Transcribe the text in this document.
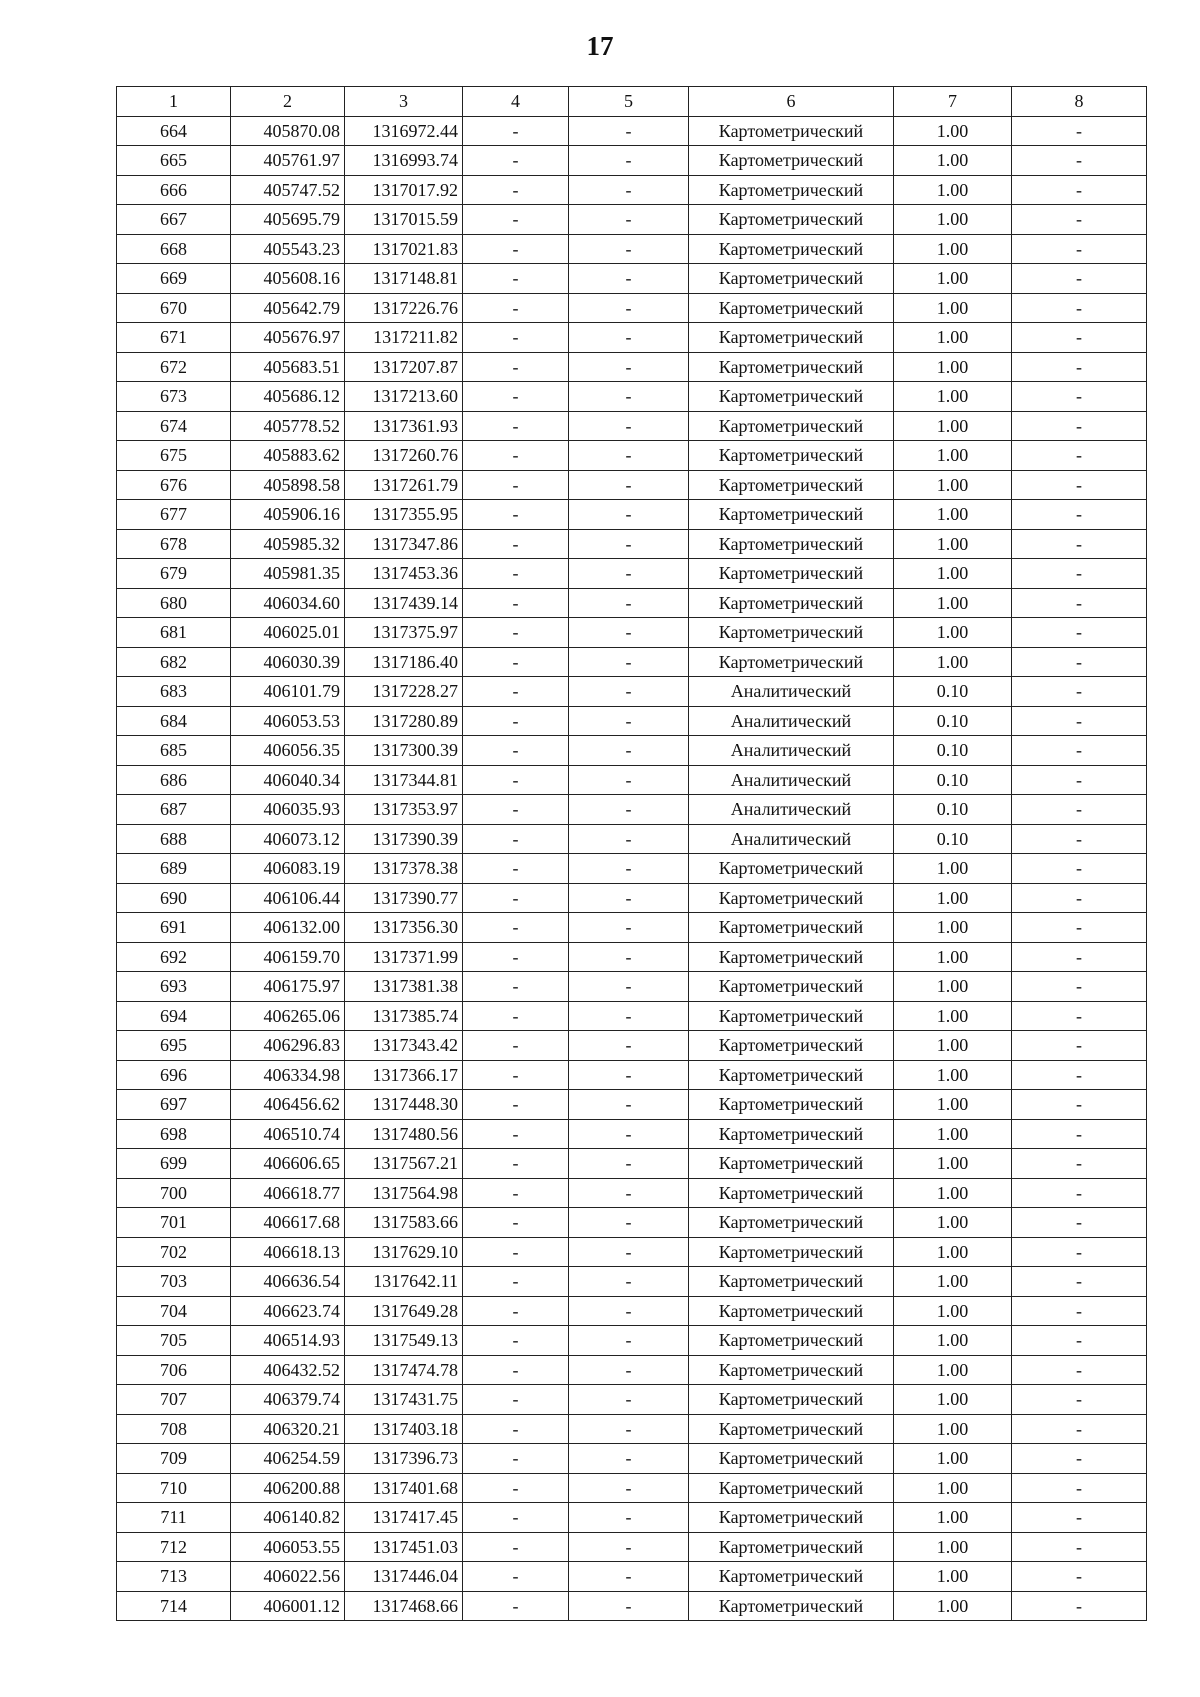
17
1	2	3	4	5	6	7	8
664	405870.08	1316972.44	-	-	Картометрический	1.00	-
665	405761.97	1316993.74	-	-	Картометрический	1.00	-
666	405747.52	1317017.92	-	-	Картометрический	1.00	-
667	405695.79	1317015.59	-	-	Картометрический	1.00	-
668	405543.23	1317021.83	-	-	Картометрический	1.00	-
669	405608.16	1317148.81	-	-	Картометрический	1.00	-
670	405642.79	1317226.76	-	-	Картометрический	1.00	-
671	405676.97	1317211.82	-	-	Картометрический	1.00	-
672	405683.51	1317207.87	-	-	Картометрический	1.00	-
673	405686.12	1317213.60	-	-	Картометрический	1.00	-
674	405778.52	1317361.93	-	-	Картометрический	1.00	-
675	405883.62	1317260.76	-	-	Картометрический	1.00	-
676	405898.58	1317261.79	-	-	Картометрический	1.00	-
677	405906.16	1317355.95	-	-	Картометрический	1.00	-
678	405985.32	1317347.86	-	-	Картометрический	1.00	-
679	405981.35	1317453.36	-	-	Картометрический	1.00	-
680	406034.60	1317439.14	-	-	Картометрический	1.00	-
681	406025.01	1317375.97	-	-	Картометрический	1.00	-
682	406030.39	1317186.40	-	-	Картометрический	1.00	-
683	406101.79	1317228.27	-	-	Аналитический	0.10	-
684	406053.53	1317280.89	-	-	Аналитический	0.10	-
685	406056.35	1317300.39	-	-	Аналитический	0.10	-
686	406040.34	1317344.81	-	-	Аналитический	0.10	-
687	406035.93	1317353.97	-	-	Аналитический	0.10	-
688	406073.12	1317390.39	-	-	Аналитический	0.10	-
689	406083.19	1317378.38	-	-	Картометрический	1.00	-
690	406106.44	1317390.77	-	-	Картометрический	1.00	-
691	406132.00	1317356.30	-	-	Картометрический	1.00	-
692	406159.70	1317371.99	-	-	Картометрический	1.00	-
693	406175.97	1317381.38	-	-	Картометрический	1.00	-
694	406265.06	1317385.74	-	-	Картометрический	1.00	-
695	406296.83	1317343.42	-	-	Картометрический	1.00	-
696	406334.98	1317366.17	-	-	Картометрический	1.00	-
697	406456.62	1317448.30	-	-	Картометрический	1.00	-
698	406510.74	1317480.56	-	-	Картометрический	1.00	-
699	406606.65	1317567.21	-	-	Картометрический	1.00	-
700	406618.77	1317564.98	-	-	Картометрический	1.00	-
701	406617.68	1317583.66	-	-	Картометрический	1.00	-
702	406618.13	1317629.10	-	-	Картометрический	1.00	-
703	406636.54	1317642.11	-	-	Картометрический	1.00	-
704	406623.74	1317649.28	-	-	Картометрический	1.00	-
705	406514.93	1317549.13	-	-	Картометрический	1.00	-
706	406432.52	1317474.78	-	-	Картометрический	1.00	-
707	406379.74	1317431.75	-	-	Картометрический	1.00	-
708	406320.21	1317403.18	-	-	Картометрический	1.00	-
709	406254.59	1317396.73	-	-	Картометрический	1.00	-
710	406200.88	1317401.68	-	-	Картометрический	1.00	-
711	406140.82	1317417.45	-	-	Картометрический	1.00	-
712	406053.55	1317451.03	-	-	Картометрический	1.00	-
713	406022.56	1317446.04	-	-	Картометрический	1.00	-
714	406001.12	1317468.66	-	-	Картометрический	1.00	-
